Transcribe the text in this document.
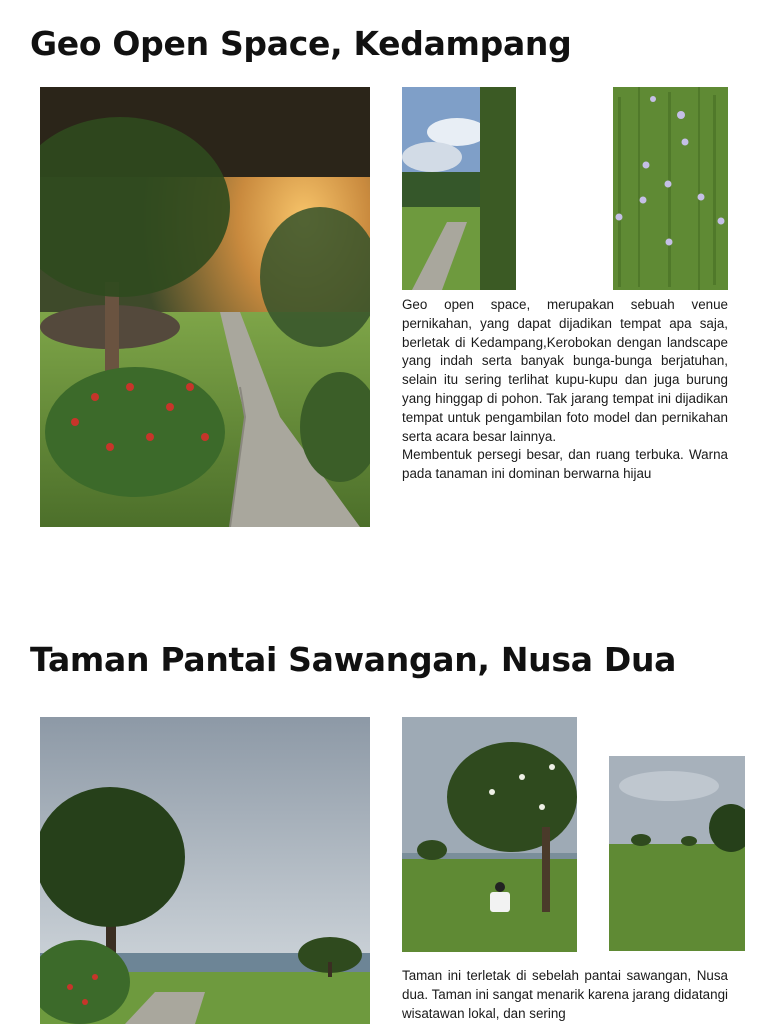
Geo Open Space, Kedampang

Geo open space, merupakan sebuah venue pernikahan, yang dapat dijadikan tempat apa saja, berletak di Kedampang,Kerobokan dengan landscape yang indah serta banyak bunga-bunga berjatuhan, selain itu sering terlihat kupu-kupu dan juga burung yang hinggap di pohon. Tak jarang tempat ini dijadikan tempat untuk pengambilan foto model dan pernikahan serta acara besar lainnya.

Membentuk persegi besar, dan ruang terbuka. Warna pada tanaman ini dominan berwarna hijau

Taman Pantai Sawangan, Nusa Dua

Taman ini terletak di sebelah pantai sawangan, Nusa dua. Taman ini sangat menarik karena jarang didatangi wisatawan lokal, dan sering
